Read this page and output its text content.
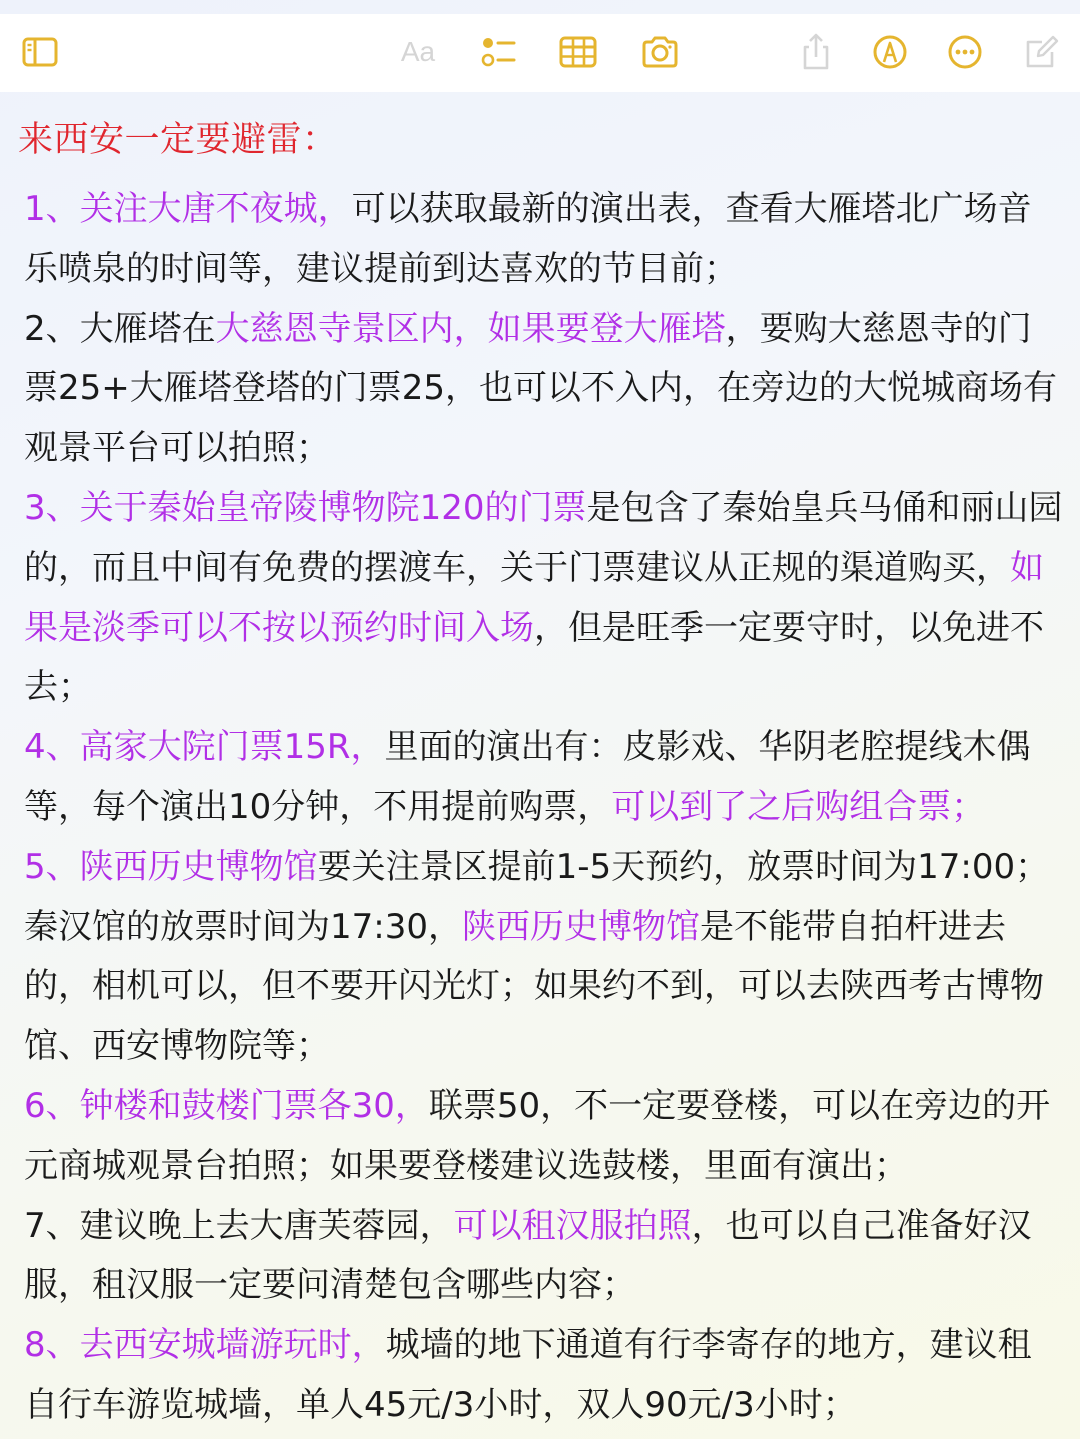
Aa
来西安一定要避雷：
1、关注大唐不夜城，可以获取最新的演出表，查看大雁塔北广场音乐喷泉的时间等，建议提前到达喜欢的节目前；
2、大雁塔在大慈恩寺景区内，如果要登大雁塔，要购大慈恩寺的门票25+大雁塔登塔的门票25，也可以不入内，在旁边的大悦城商场有观景平台可以拍照；
3、关于秦始皇帝陵博物院120的门票是包含了秦始皇兵马俑和丽山园的，而且中间有免费的摆渡车，关于门票建议从正规的渠道购买，如果是淡季可以不按以预约时间入场，但是旺季一定要守时，以免进不去；
4、高家大院门票15R，里面的演出有：皮影戏、华阴老腔提线木偶等，每个演出10分钟，不用提前购票，可以到了之后购组合票；
5、陕西历史博物馆要关注景区提前1-5天预约，放票时间为17:00；秦汉馆的放票时间为17:30，陕西历史博物馆是不能带自拍杆进去的，相机可以，但不要开闪光灯；如果约不到，可以去陕西考古博物馆、西安博物院等；
6、钟楼和鼓楼门票各30，联票50，不一定要登楼，可以在旁边的开元商城观景台拍照；如果要登楼建议选鼓楼，里面有演出；
7、建议晚上去大唐芙蓉园，可以租汉服拍照，也可以自己准备好汉服，租汉服一定要问清楚包含哪些内容；
8、去西安城墙游玩时，城墙的地下通道有行李寄存的地方，建议租自行车游览城墙，单人45元/3小时，双人90元/3小时；
